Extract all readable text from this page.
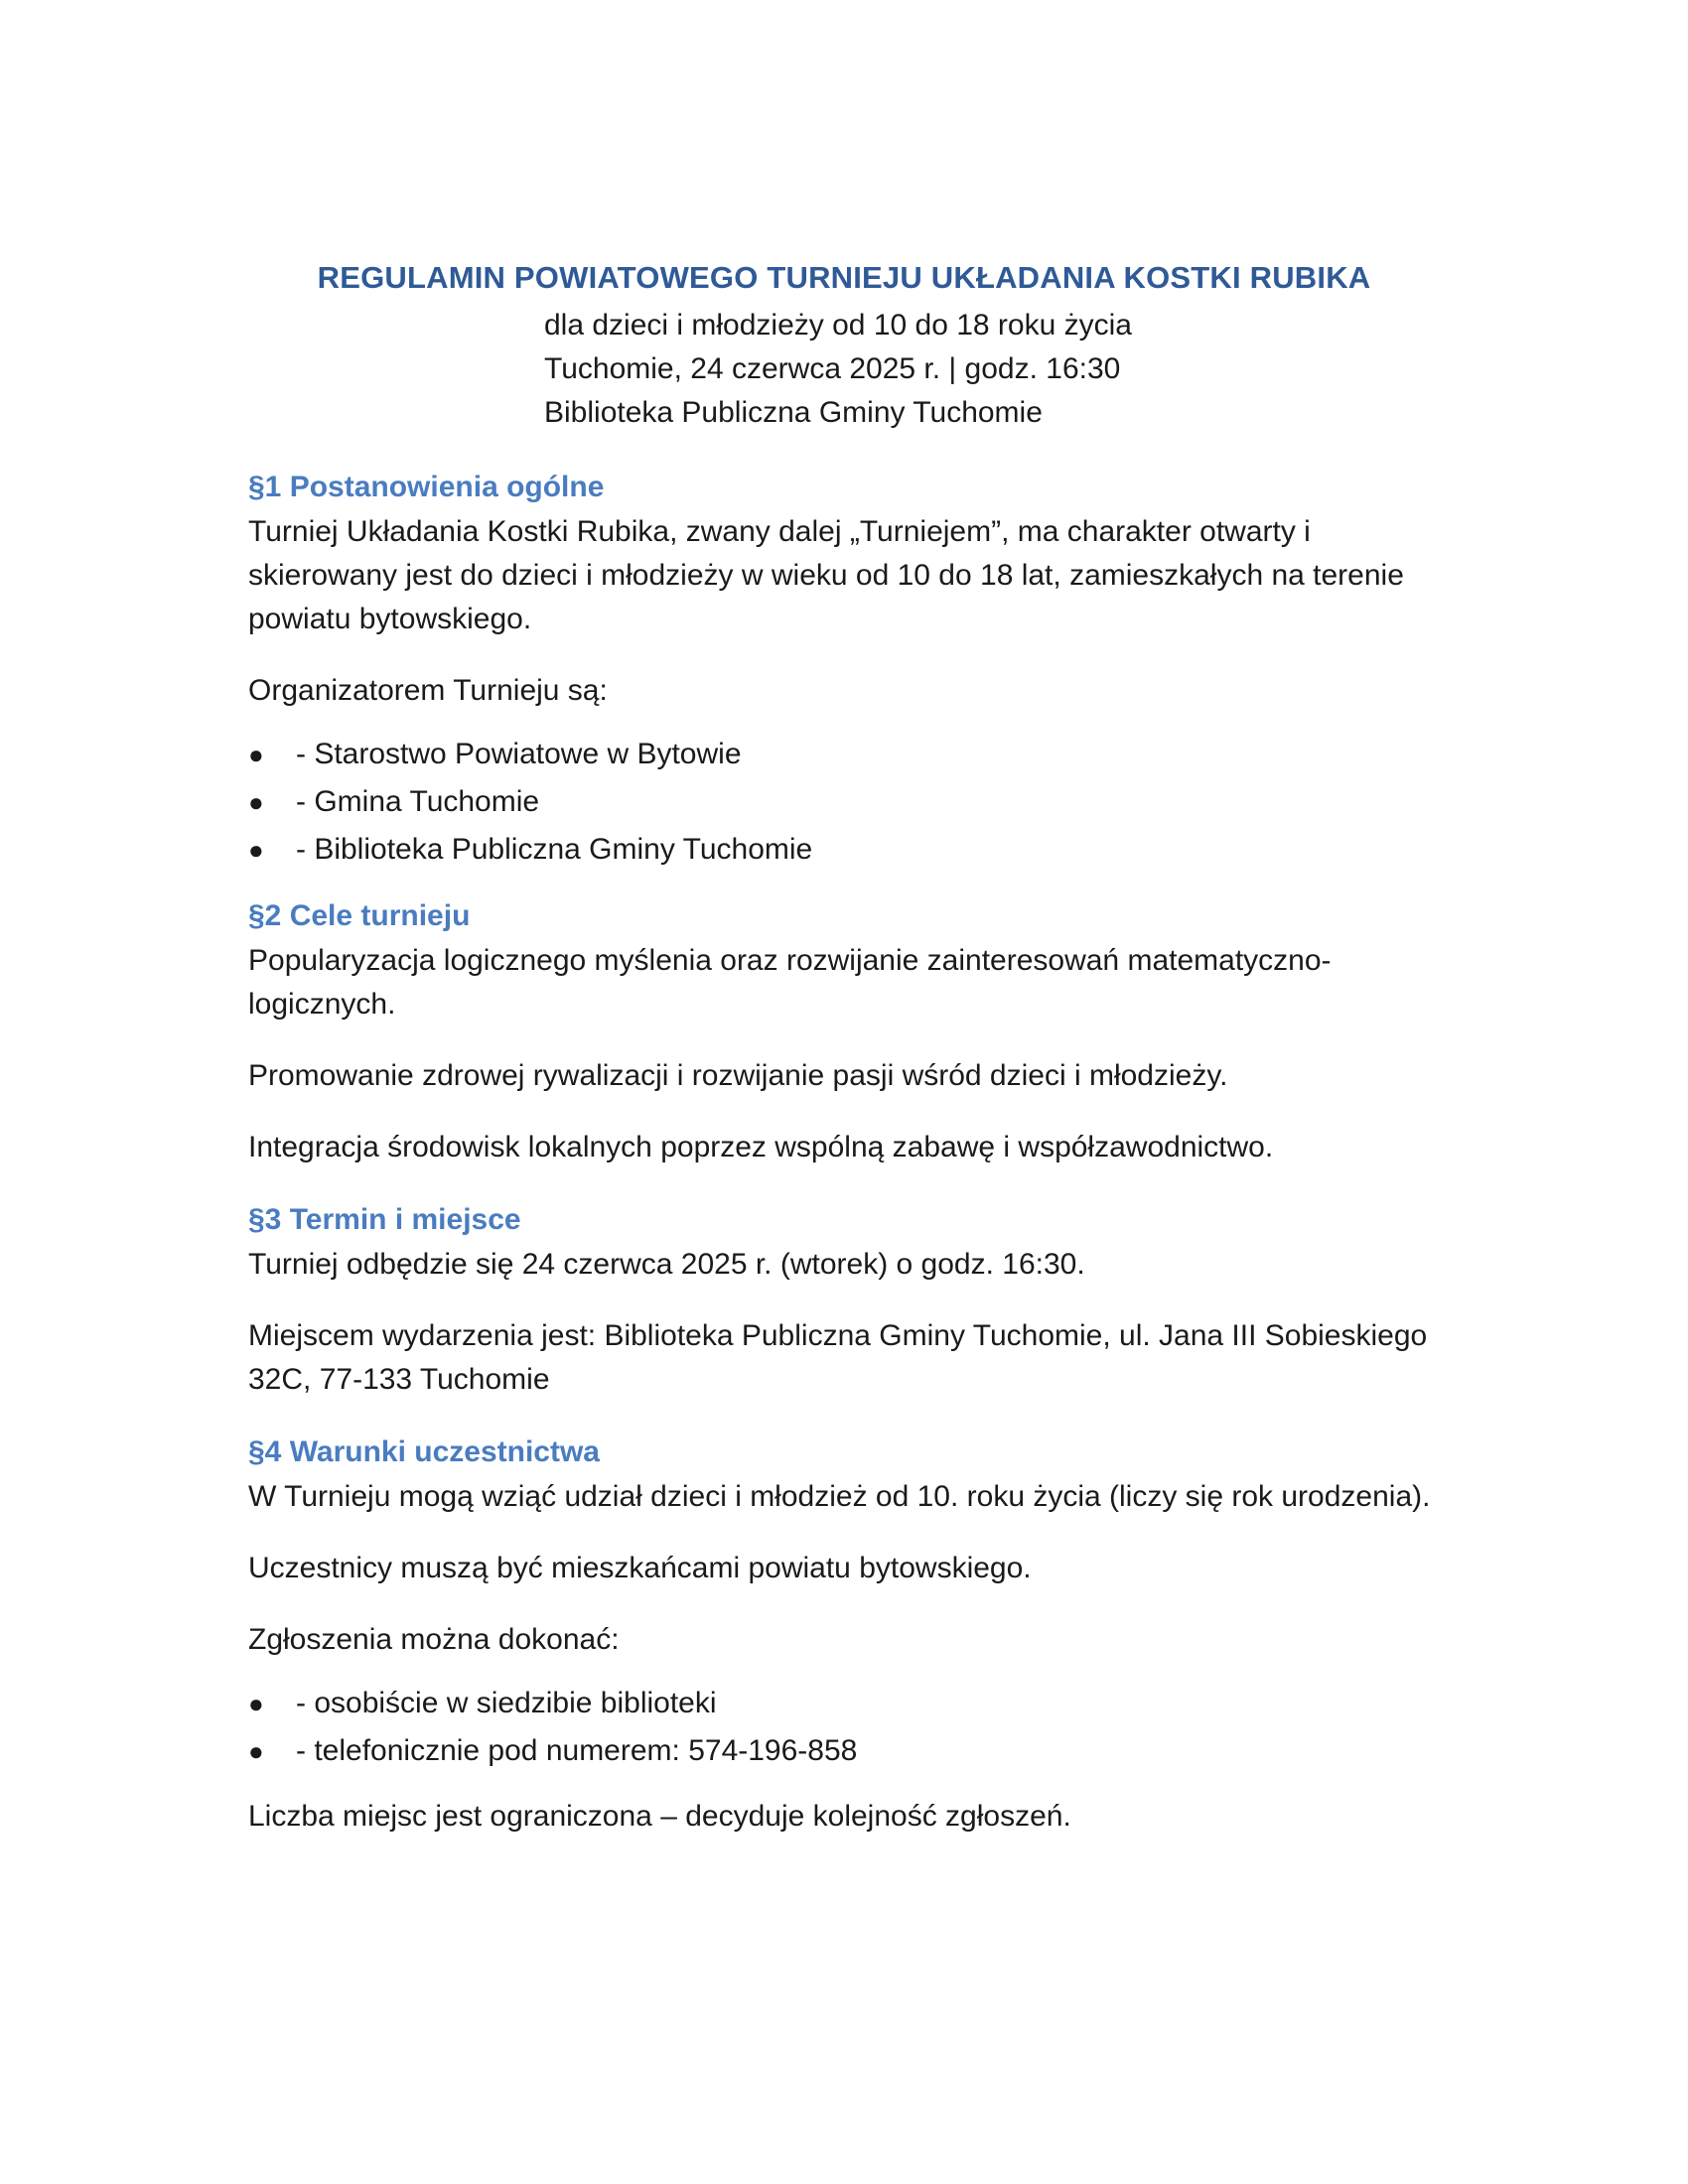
REGULAMIN POWIATOWEGO TURNIEJU UKŁADANIA KOSTKI RUBIKA
dla dzieci i młodzieży od 10 do 18 roku życia
Tuchomie, 24 czerwca 2025 r. | godz. 16:30
Biblioteka Publiczna Gminy Tuchomie
§1 Postanowienia ogólne

Turniej Układania Kostki Rubika, zwany dalej „Turniejem”, ma charakter otwarty i skierowany jest do dzieci i młodzieży w wieku od 10 do 18 lat, zamieszkałych na terenie powiatu bytowskiego.

Organizatorem Turnieju są:

●	- Starostwo Powiatowe w Bytowie
●	- Gmina Tuchomie
●	- Biblioteka Publiczna Gminy Tuchomie
§2 Cele turnieju

Popularyzacja logicznego myślenia oraz rozwijanie zainteresowań matematyczno-logicznych.

Promowanie zdrowej rywalizacji i rozwijanie pasji wśród dzieci i młodzieży.

Integracja środowisk lokalnych poprzez wspólną zabawę i współzawodnictwo.

§3 Termin i miejsce

Turniej odbędzie się 24 czerwca 2025 r. (wtorek) o godz. 16:30.

Miejscem wydarzenia jest: Biblioteka Publiczna Gminy Tuchomie, ul. Jana III Sobieskiego 32C, 77-133 Tuchomie

§4 Warunki uczestnictwa

W Turnieju mogą wziąć udział dzieci i młodzież od 10. roku życia (liczy się rok urodzenia).

Uczestnicy muszą być mieszkańcami powiatu bytowskiego.

Zgłoszenia można dokonać:

●	- osobiście w siedzibie biblioteki
●	- telefonicznie pod numerem: 574-196-858

Liczba miejsc jest ograniczona – decyduje kolejność zgłoszeń.
